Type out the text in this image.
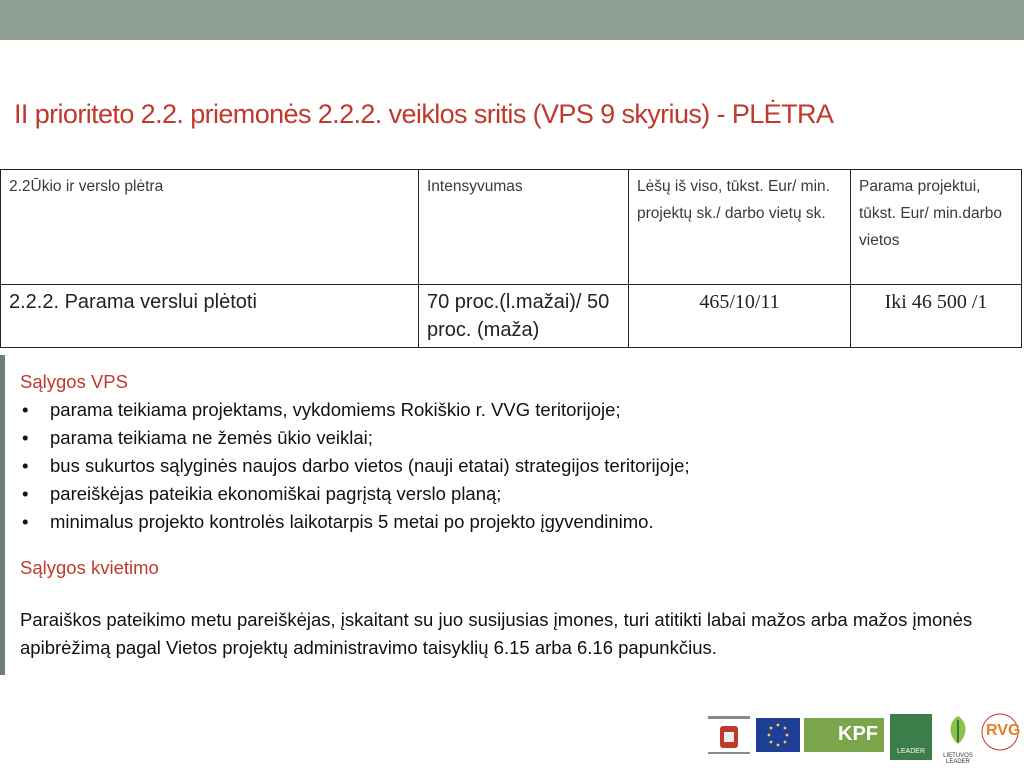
II prioriteto 2.2. priemonės 2.2.2. veiklos sritis (VPS 9 skyrius) - PLĖTRA
2.2Ūkio ir verslo plėtra	Intensyvumas	Lėšų iš viso, tūkst. Eur/ min. projektų sk./ darbo vietų sk.	Parama projektui, tūkst. Eur/ min.darbo vietos
2.2.2. Parama verslui plėtoti	70 proc.(l.mažai)/ 50 proc. (maža)	465/10/11	Iki 46 500 /1
Sąlygos VPS
• parama teikiama projektams, vykdomiems Rokiškio r. VVG teritorijoje;
• parama teikiama ne žemės ūkio veiklai;
• bus sukurtos sąlyginės naujos darbo vietos (nauji etatai) strategijos teritorijoje;
• pareiškėjas pateikia ekonomiškai pagrįstą verslo planą;
• minimalus projekto kontrolės laikotarpis 5 metai po projekto įgyvendinimo.
Sąlygos kvietimo
Paraiškos pateikimo metu pareiškėjas, įskaitant su juo susijusias įmones, turi atitikti labai mažos arba mažos įmonės apibrėžimą pagal Vietos projektų administravimo taisyklių 6.15 arba 6.16 papunkčius.
KPF
LEADER
LIETUVOS LEADER
RVG
